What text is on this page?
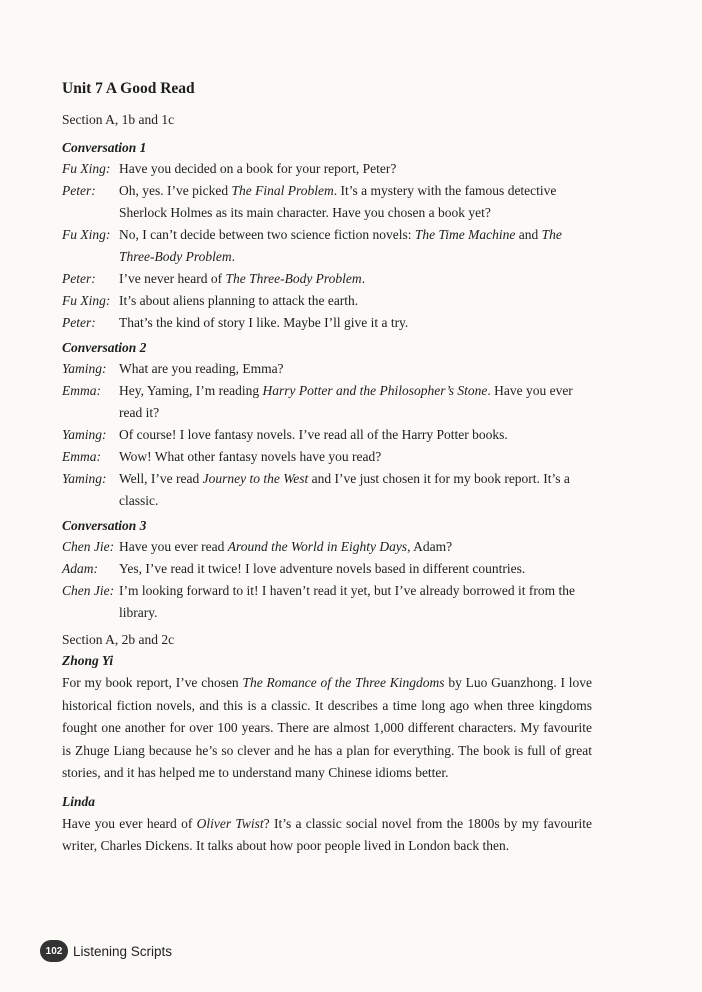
Unit 7 A Good Read
Section A, 1b and 1c
Conversation 1
Fu Xing: Have you decided on a book for your report, Peter?
Peter:	Oh, yes. I’ve picked The Final Problem. It’s a mystery with the famous detective Sherlock Holmes as its main character. Have you chosen a book yet?
Fu Xing: No, I can’t decide between two science fiction novels: The Time Machine and The Three-Body Problem.
Peter:	I’ve never heard of The Three-Body Problem.
Fu Xing: It’s about aliens planning to attack the earth.
Peter:	That’s the kind of story I like. Maybe I’ll give it a try.
Conversation 2
Yaming: What are you reading, Emma?
Emma:	Hey, Yaming, I’m reading Harry Potter and the Philosopher’s Stone. Have you ever read it?
Yaming: Of course! I love fantasy novels. I’ve read all of the Harry Potter books.
Emma:	Wow! What other fantasy novels have you read?
Yaming: Well, I’ve read Journey to the West and I’ve just chosen it for my book report. It’s a classic.
Conversation 3
Chen Jie: Have you ever read Around the World in Eighty Days, Adam?
Adam:	Yes, I’ve read it twice! I love adventure novels based in different countries.
Chen Jie: I’m looking forward to it! I haven’t read it yet, but I’ve already borrowed it from the library.
Section A, 2b and 2c
Zhong Yi
For my book report, I’ve chosen The Romance of the Three Kingdoms by Luo Guanzhong. I love historical fiction novels, and this is a classic. It describes a time long ago when three kingdoms fought one another for over 100 years. There are almost 1,000 different characters. My favourite is Zhuge Liang because he’s so clever and he has a plan for everything. The book is full of great stories, and it has helped me to understand many Chinese idioms better.
Linda
Have you ever heard of Oliver Twist? It’s a classic social novel from the 1800s by my favourite writer, Charles Dickens. It talks about how poor people lived in London back then.
102 Listening Scripts
